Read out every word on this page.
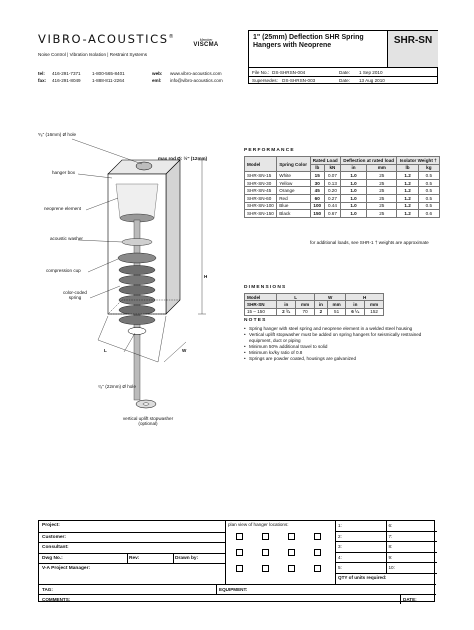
VIBRO-ACOUSTICS®
Noise Control | Vibration Isolation | Restraint Systems
Member
VISCMA
tel:	416-291-7371	1-800-565-8401	web:	www.vibro-acoustics.com
fax:	416-291-8049	1-888-811-2264	eml:	info@vibro-acoustics.com
1" (25mm) Deflection SHR Spring Hangers with Neoprene	SHR-SN
File No.: DS-SHRSN-004	Date: 1 Sep 2010
Supersedes: DS-SHRSN-003	Date: 13 Aug 2010
⁵⁄₈" (16mm) Ø hole
max rod Ø: ½" (12mm)
hanger box
neoprene element
acoustic washer
compression cup
color-coded spring
H
L	W
⁷⁄₈" (22mm) Ø hole
vertical uplift stopwasher (optional)
PERFORMANCE
Model	Spring Color	Rated Load		Deflection at rated load		Isolator Weight †	
		lb	kN	in	mm	lb	kg
SHR-SN-15	White	15	0.07	1.0	25	1.2	0.5
SHR-SN-30	Yellow	30	0.13	1.0	25	1.2	0.5
SHR-SN-45	Orange	45	0.20	1.0	25	1.2	0.5
SHR-SN-60	Red	60	0.27	1.0	25	1.2	0.5
SHR-SN-100	Blue	100	0.44	1.0	25	1.2	0.5
SHR-SN-150	Black	150	0.67	1.0	25	1.2	0.6
for additional loads, see SHR-1 † weights are approximate
DIMENSIONS
Model	L		W		H	
SHR-SN	in	mm	in	mm	in	mm
15 – 150	2 ³⁄₄	70	2	51	6 ¹⁄₄	152
NOTES
• Spring hanger with steel spring and neoprene element in a welded steel housing
• Vertical uplift stopwasher must be added on spring hangers for seismically restrained equipment, duct or piping
• Minimum 50% additional travel to solid
• Minimum kx/ky ratio of 0.8
• Springs are powder coated, housings are galvanized
Project:
Customer:
Consultant:
Dwg No.:	Rev:	Drawn by:
V-A Project Manager:
plan view of hanger locations:	1:	6:
2:	7:
3:	8:
4:	9:
5:	10:
QTY of units required:
TAG:	EQUIPMENT:
COMMENTS:	DATE:
